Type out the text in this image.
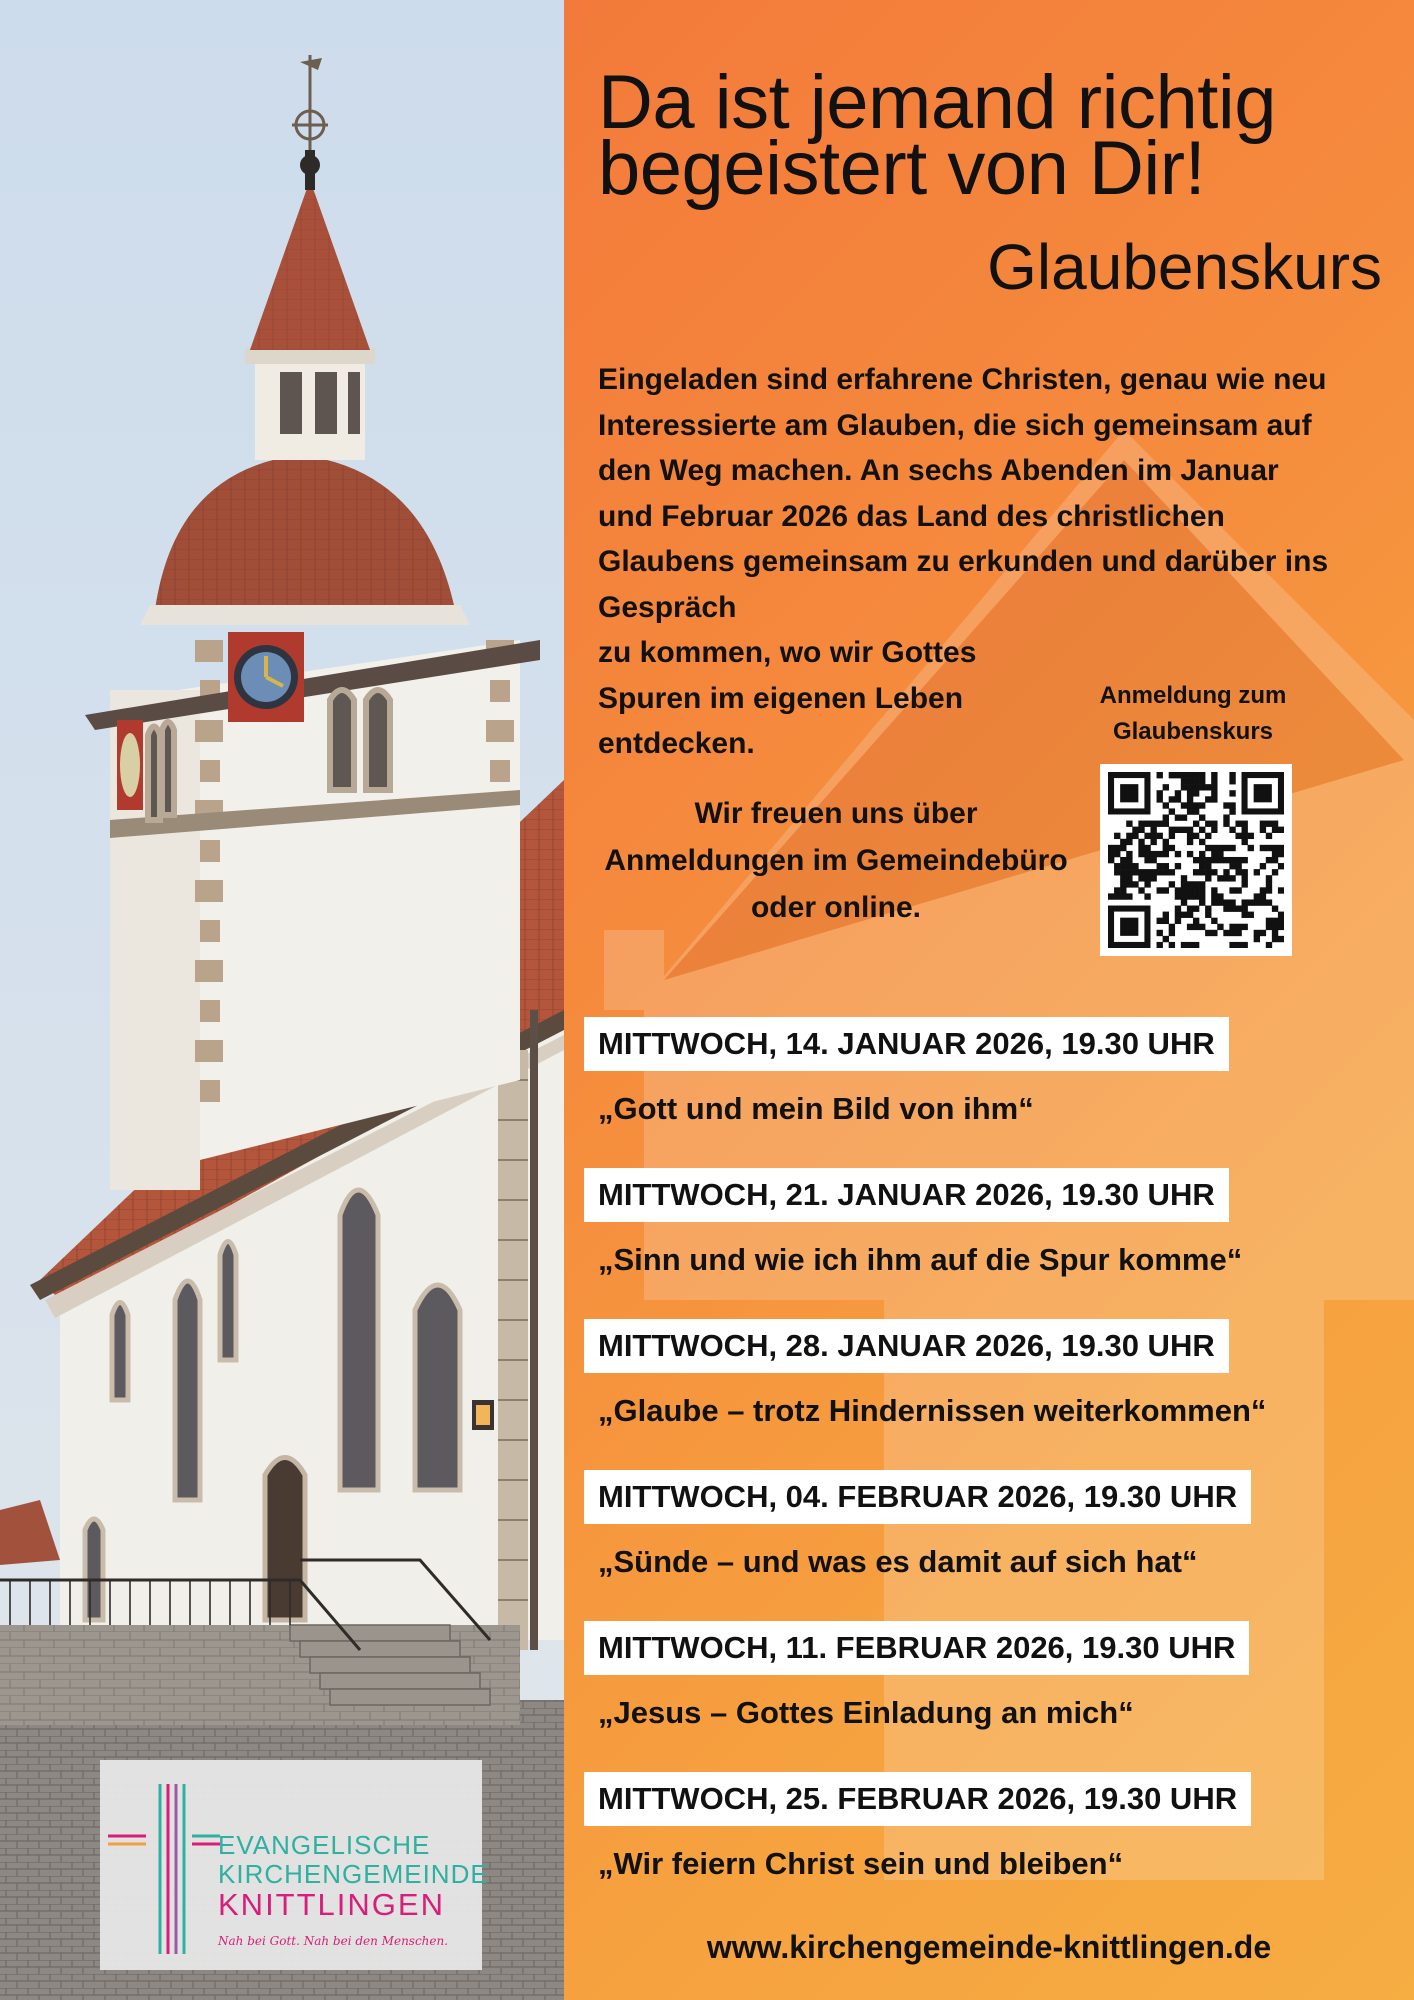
Da ist jemand richtig
begeistert von Dir!
Glaubenskurs

Eingeladen sind erfahrene Christen, genau wie neu Interessierte am Glauben, die sich gemeinsam auf den Weg machen. An sechs Abenden im Januar und Februar 2026 das Land des christlichen Glaubens gemeinsam zu erkunden und darüber ins Gespräch

zu kommen, wo wir Gottes Spuren im eigenen Leben entdecken.

Wir freuen uns über Anmeldungen im Gemeindebüro oder online.

Anmeldung zum Glaubenskurs

MITTWOCH, 14. JANUAR 2026, 19.30 UHR
„Gott und mein Bild von ihm“
MITTWOCH, 21. JANUAR 2026, 19.30 UHR
„Sinn und wie ich ihm auf die Spur komme“
MITTWOCH, 28. JANUAR 2026, 19.30 UHR
„Glaube – trotz Hindernissen weiterkommen“
MITTWOCH, 04. FEBRUAR 2026, 19.30 UHR
„Sünde – und was es damit auf sich hat“
MITTWOCH, 11. FEBRUAR 2026, 19.30 UHR
„Jesus – Gottes Einladung an mich“
MITTWOCH, 25. FEBRUAR 2026, 19.30 UHR
„Wir feiern Christ sein und bleiben“

www.kirchengemeinde-knittlingen.de

EVANGELISCHE

KIRCHENGEMEINDE

KNITTLINGEN

Nah bei Gott. Nah bei den Menschen.
